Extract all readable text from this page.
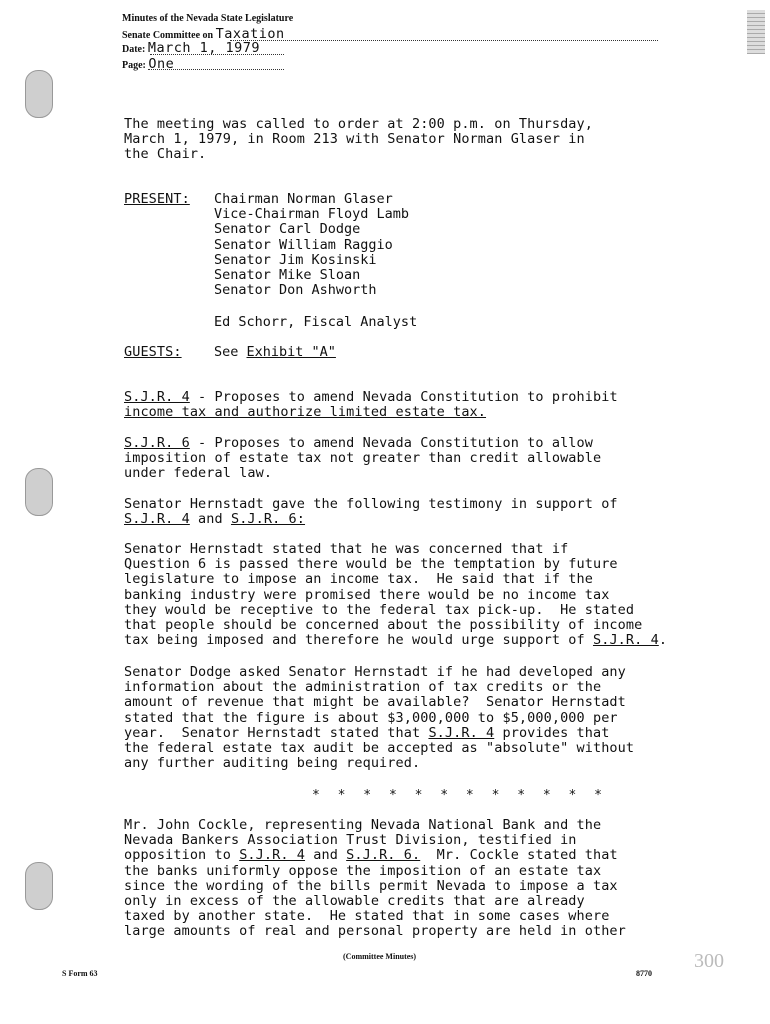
Minutes of the Nevada State Legislature
Senate Committee on Taxation
Date: March 1, 1979
Page: One
The meeting was called to order at 2:00 p.m. on Thursday,
March 1, 1979, in Room 213 with Senator Norman Glaser in
the Chair.
PRESENT: Chairman Norman Glaser
Vice-Chairman Floyd Lamb
Senator Carl Dodge
Senator William Raggio
Senator Jim Kosinski
Senator Mike Sloan
Senator Don Ashworth
Ed Schorr, Fiscal Analyst
GUESTS: See Exhibit "A"
S.J.R. 4 - Proposes to amend Nevada Constitution to prohibit
income tax and authorize limited estate tax.
S.J.R. 6 - Proposes to amend Nevada Constitution to allow
imposition of estate tax not greater than credit allowable
under federal law.
Senator Hernstadt gave the following testimony in support of
S.J.R. 4 and S.J.R. 6:
Senator Hernstadt stated that he was concerned that if
Question 6 is passed there would be the temptation by future
legislature to impose an income tax.  He said that if the
banking industry were promised there would be no income tax
they would be receptive to the federal tax pick-up.  He stated
that people should be concerned about the possibility of income
tax being imposed and therefore he would urge support of S.J.R. 4.
Senator Dodge asked Senator Hernstadt if he had developed any
information about the administration of tax credits or the
amount of revenue that might be available?  Senator Hernstadt
stated that the figure is about $3,000,000 to $5,000,000 per
year.  Senator Hernstadt stated that S.J.R. 4 provides that
the federal estate tax audit be accepted as "absolute" without
any further auditing being required.
* * * * * * * * * * * *
Mr. John Cockle, representing Nevada National Bank and the
Nevada Bankers Association Trust Division, testified in
opposition to S.J.R. 4 and S.J.R. 6.  Mr. Cockle stated that
the banks uniformly oppose the imposition of an estate tax
since the wording of the bills permit Nevada to impose a tax
only in excess of the allowable credits that are already
taxed by another state.  He stated that in some cases where
large amounts of real and personal property are held in other
S Form 63
(Committee Minutes)
8770
300
